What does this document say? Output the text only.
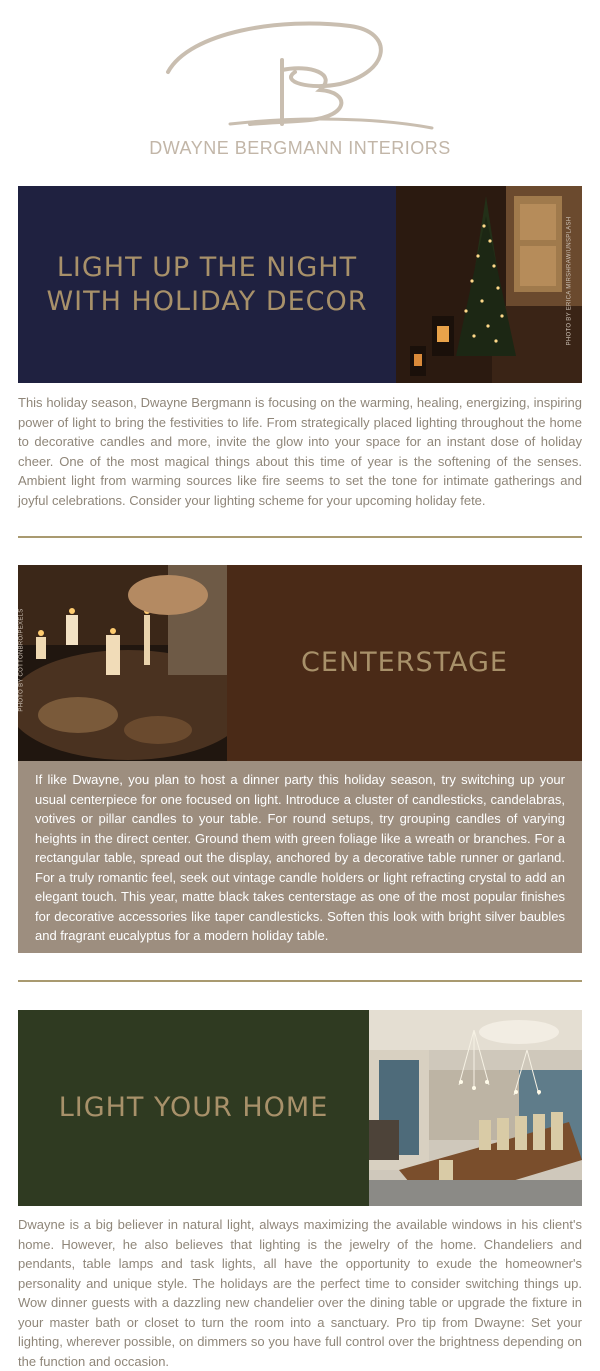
DWAYNE BERGMANN INTERIORS
LIGHT UP THE NIGHT
WITH HOLIDAY DECOR	PHOTO BY ERICA MIRSHRAW/UNSPLASH
This holiday season, Dwayne Bergmann is focusing on the warming, healing, energizing, inspiring power of light to bring the festivities to life. From strategically placed lighting throughout the home to decorative candles and more, invite the glow into your space for an instant dose of holiday cheer. One of the most magical things about this time of year is the softening of the senses. Ambient light from warming sources like fire seems to set the tone for intimate gatherings and joyful celebrations. Consider your lighting scheme for your upcoming holiday fete.
PHOTO BY COTTONBRO/PEXELS	CENTERSTAGE
If like Dwayne, you plan to host a dinner party this holiday season, try switching up your usual centerpiece for one focused on light. Introduce a cluster of candlesticks, candelabras, votives or pillar candles to your table. For round setups, try grouping candles of varying heights in the direct center. Ground them with green foliage like a wreath or branches. For a rectangular table, spread out the display, anchored by a decorative table runner or garland. For a truly romantic feel, seek out vintage candle holders or light refracting crystal to add an elegant touch. This year, matte black takes centerstage as one of the most popular finishes for decorative accessories like taper candlesticks. Soften this look with bright silver baubles and fragrant eucalyptus for a modern holiday table.
LIGHT YOUR HOME
Dwayne is a big believer in natural light, always maximizing the available windows in his client's home. However, he also believes that lighting is the jewelry of the home. Chandeliers and pendants, table lamps and task lights, all have the opportunity to exude the homeowner's personality and unique style. The holidays are the perfect time to consider switching things up. Wow dinner guests with a dazzling new chandelier over the dining table or upgrade the fixture in your master bath or closet to turn the room into a sanctuary. Pro tip from Dwayne: Set your lighting, wherever possible, on dimmers so you have full control over the brightness depending on the function and occasion.
